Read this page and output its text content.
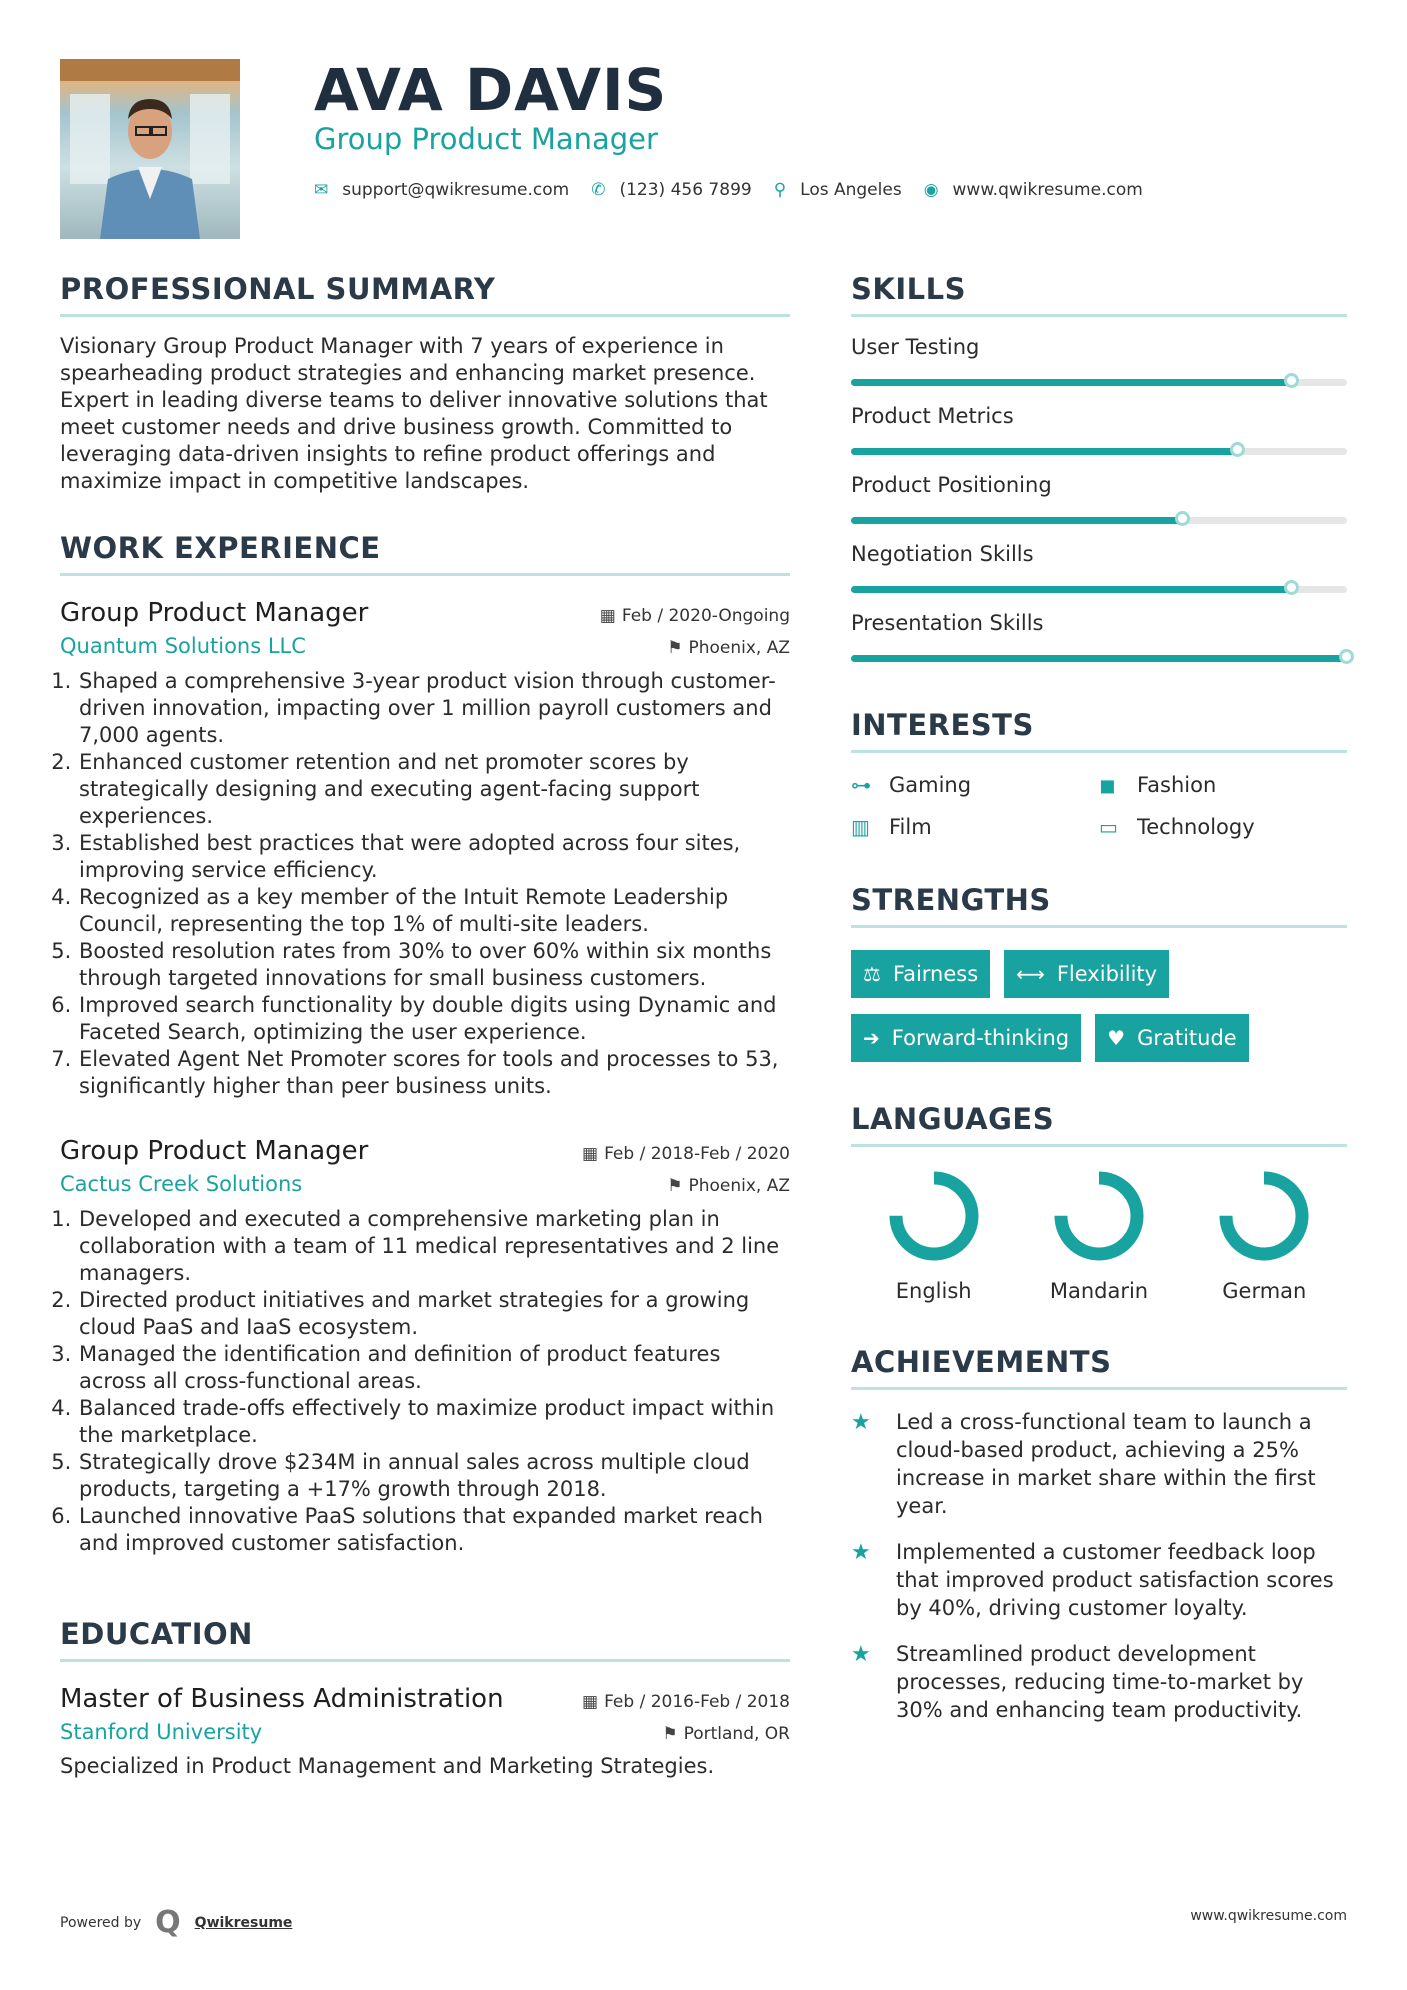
AVA DAVIS
Group Product Manager
✉ support@qwikresume.com ✆ (123) 456 7899 ⚲ Los Angeles ◉ www.qwikresume.com
PROFESSIONAL SUMMARY
Visionary Group Product Manager with 7 years of experience in spearheading product strategies and enhancing market presence. Expert in leading diverse teams to deliver innovative solutions that meet customer needs and drive business growth. Committed to leveraging data-driven insights to refine product offerings and maximize impact in competitive landscapes.
WORK EXPERIENCE
Group Product Manager	▦ Feb / 2020-Ongoing
Quantum Solutions LLC	⚑ Phoenix, AZ
1. Shaped a comprehensive 3-year product vision through customer-driven innovation, impacting over 1 million payroll customers and 7,000 agents.
2. Enhanced customer retention and net promoter scores by strategically designing and executing agent-facing support experiences.
3. Established best practices that were adopted across four sites, improving service efficiency.
4. Recognized as a key member of the Intuit Remote Leadership Council, representing the top 1% of multi-site leaders.
5. Boosted resolution rates from 30% to over 60% within six months through targeted innovations for small business customers.
6. Improved search functionality by double digits using Dynamic and Faceted Search, optimizing the user experience.
7. Elevated Agent Net Promoter scores for tools and processes to 53, significantly higher than peer business units.
Group Product Manager	▦ Feb / 2018-Feb / 2020
Cactus Creek Solutions	⚑ Phoenix, AZ
1. Developed and executed a comprehensive marketing plan in collaboration with a team of 11 medical representatives and 2 line managers.
2. Directed product initiatives and market strategies for a growing cloud PaaS and IaaS ecosystem.
3. Managed the identification and definition of product features across all cross-functional areas.
4. Balanced trade-offs effectively to maximize product impact within the marketplace.
5. Strategically drove $234M in annual sales across multiple cloud products, targeting a +17% growth through 2018.
6. Launched innovative PaaS solutions that expanded market reach and improved customer satisfaction.
EDUCATION
Master of Business Administration	▦ Feb / 2016-Feb / 2018
Stanford University	⚑ Portland, OR
Specialized in Product Management and Marketing Strategies.
SKILLS
User Testing
Product Metrics
Product Positioning
Negotiation Skills
Presentation Skills
INTERESTS
⊶ Gaming	◼	Fashion
▥ Film	▭ Technology
STRENGTHS
⚖ Fairness ⟷ Flexibility
➔ Forward-thinking ♥ Gratitude
LANGUAGES
English	Mandarin	German
ACHIEVEMENTS
★	Led a cross-functional team to launch a cloud-based product, achieving a 25% increase in market share within the first year.
★	Implemented a customer feedback loop that improved product satisfaction scores by 40%, driving customer loyalty.
★	Streamlined product development processes, reducing time-to-market by 30% and enhancing team productivity.
Powered by Q Qwikresume	www.qwikresume.com
